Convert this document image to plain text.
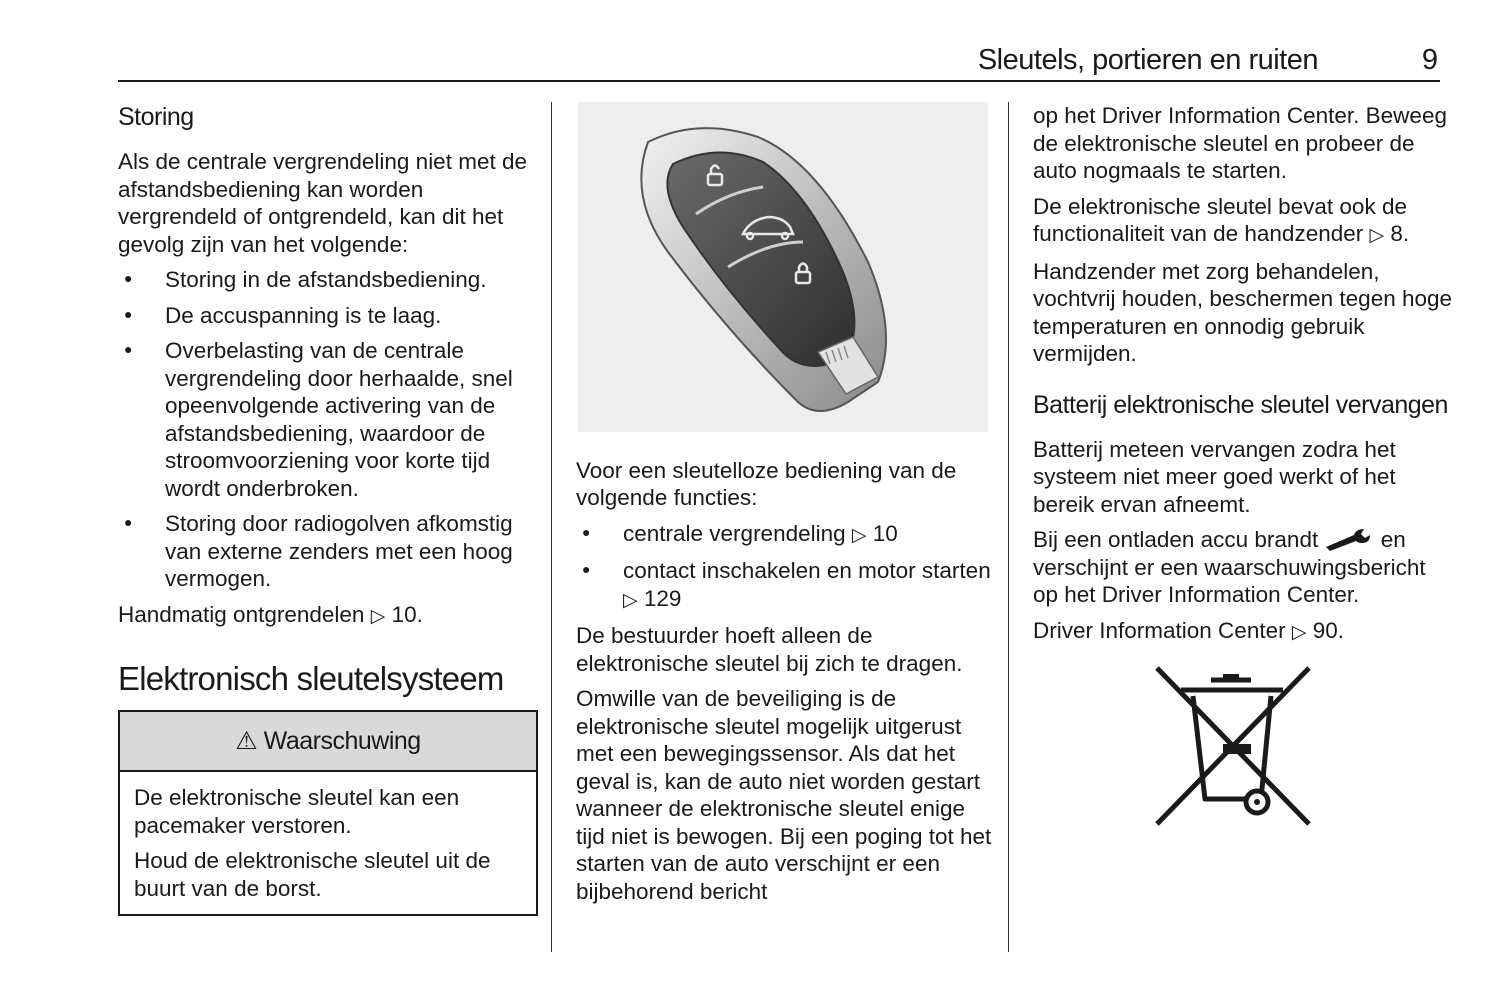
Sleutels, portieren en ruiten	9
Storing

Als de centrale vergrendeling niet met de afstandsbediening kan worden vergrendeld of ontgrendeld, kan dit het gevolg zijn van het volgende:

● Storing in de afstandsbediening.
● De accuspanning is te laag.
● Overbelasting van de centrale vergrendeling door herhaalde, snel opeenvolgende activering van de afstandsbediening, waardoor de stroomvoorziening voor korte tijd wordt onderbroken.
● Storing door radiogolven afkomstig van externe zenders met een hoog vermogen.

Handmatig ontgrendelen ▷ 10.

Elektronisch sleutelsysteem
⚠ Waarschuwing

De elektronische sleutel kan een pacemaker verstoren.

Houd de elektronische sleutel uit de buurt van de borst.

Voor een sleutelloze bediening van de volgende functies:

● centrale vergrendeling ▷ 10
● contact inschakelen en motor starten ▷ 129

De bestuurder hoeft alleen de elektronische sleutel bij zich te dragen.

Omwille van de beveiliging is de elektronische sleutel mogelijk uitgerust met een bewegingssensor. Als dat het geval is, kan de auto niet worden gestart wanneer de elektronische sleutel enige tijd niet is bewogen. Bij een poging tot het starten van de auto verschijnt er een bijbehorend bericht

op het Driver Information Center. Beweeg de elektronische sleutel en probeer de auto nogmaals te starten.

De elektronische sleutel bevat ook de functionaliteit van de handzender ▷ 8.

Handzender met zorg behandelen, vochtvrij houden, beschermen tegen hoge temperaturen en onnodig gebruik vermijden.

Batterij elektronische sleutel vervangen

Batterij meteen vervangen zodra het systeem niet meer goed werkt of het bereik ervan afneemt.

Bij een ontladen accu brandt	en verschijnt er een waarschuwingsbericht op het Driver Information Center.

Driver Information Center ▷ 90.
